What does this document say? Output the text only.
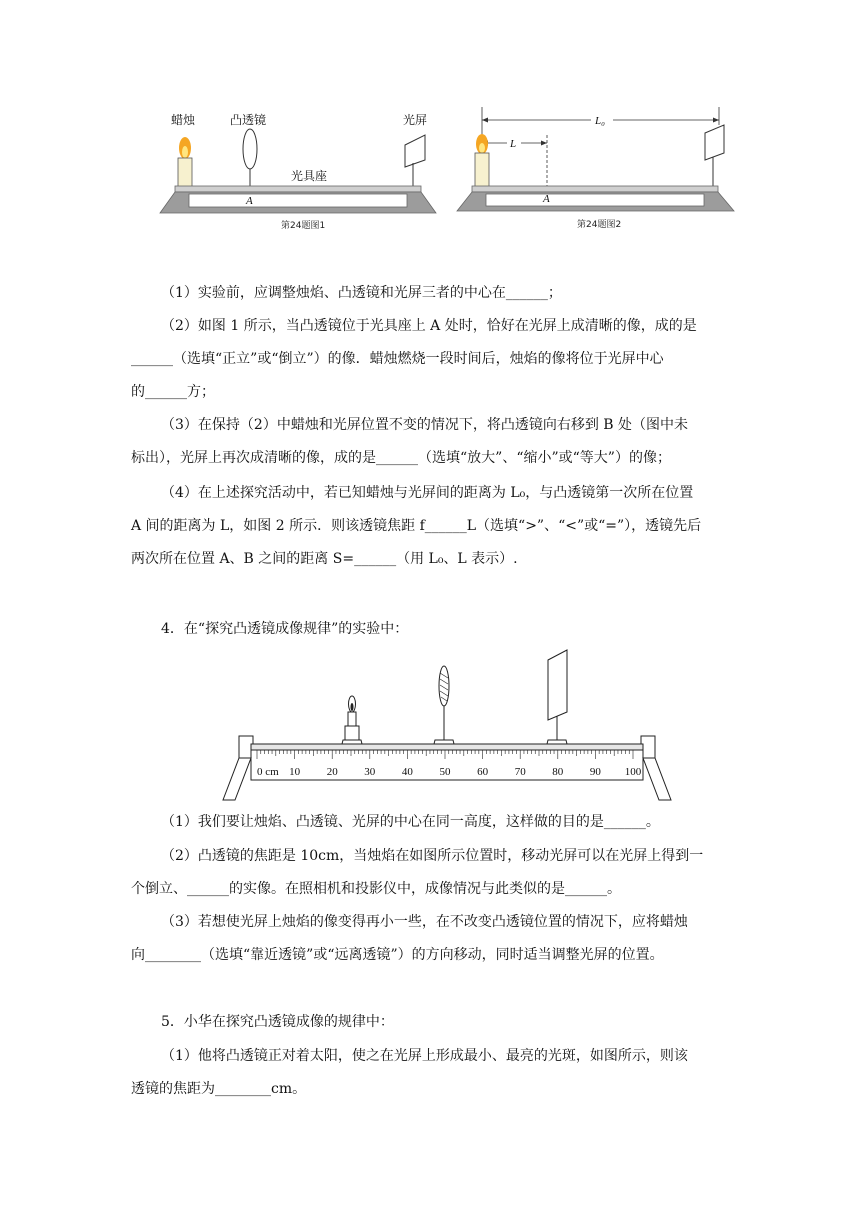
蜡烛	凸透镜	光屏
光具座
A
第24题图1
L₀
L
A
第24题图2
（1）实验前，应调整烛焰、凸透镜和光屏三者的中心在______；
（2）如图 1 所示，当凸透镜位于光具座上 A 处时，恰好在光屏上成清晰的像，成的是
______（选填“正立”或“倒立”）的像．蜡烛燃烧一段时间后，烛焰的像将位于光屏中心
的______方；
（3）在保持（2）中蜡烛和光屏位置不变的情况下，将凸透镜向右移到 B 处（图中未
标出），光屏上再次成清晰的像，成的是______（选填“放大”、“缩小”或“等大”）的像；
（4）在上述探究活动中，若已知蜡烛与光屏间的距离为 L₀，与凸透镜第一次所在位置
A 间的距离为 L，如图 2 所示．则该透镜焦距 f______L（选填“>”、“<”或“=”），透镜先后
两次所在位置 A、B 之间的距离 S=______（用 L₀、L 表示）.
4．在“探究凸透镜成像规律”的实验中：
0 cm 10 20 30 40 50 60 70 80 90 100
（1）我们要让烛焰、凸透镜、光屏的中心在同一高度，这样做的目的是______。
（2）凸透镜的焦距是 10cm，当烛焰在如图所示位置时，移动光屏可以在光屏上得到一
个倒立、______的实像。在照相机和投影仪中，成像情况与此类似的是______。
（3）若想使光屏上烛焰的像变得再小一些，在不改变凸透镜位置的情况下，应将蜡烛
向________（选填“靠近透镜”或“远离透镜”）的方向移动，同时适当调整光屏的位置。
5．小华在探究凸透镜成像的规律中：
（1）他将凸透镜正对着太阳，使之在光屏上形成最小、最亮的光斑，如图所示，则该
透镜的焦距为________cm。
